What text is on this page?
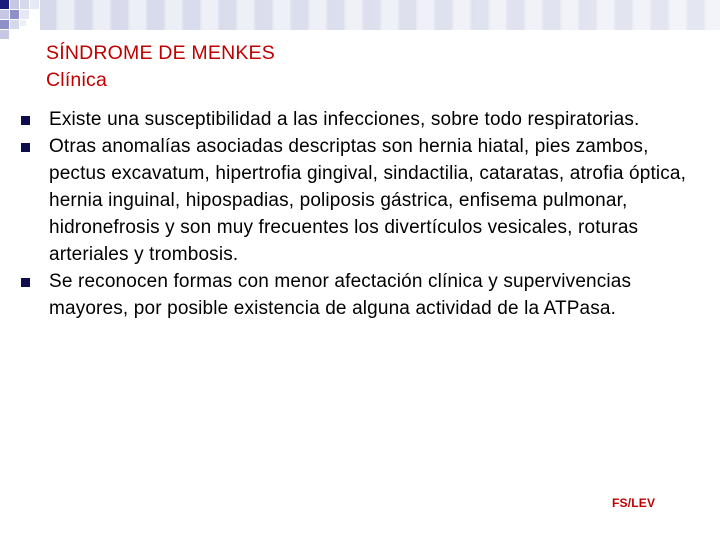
SÍNDROME DE MENKES
Clínica
Existe una susceptibilidad a las infecciones, sobre todo respiratorias.
Otras anomalías asociadas descriptas son hernia hiatal, pies zambos, pectus excavatum, hipertrofia gingival, sindactilia, cataratas, atrofia óptica, hernia inguinal, hipospadias, poliposis gástrica, enfisema pulmonar, hidronefrosis y son muy frecuentes los divertículos vesicales, roturas arteriales y trombosis.
Se reconocen formas con menor afectación clínica y supervivencias mayores, por posible existencia de alguna actividad de la ATPasa.
FS/LEV
